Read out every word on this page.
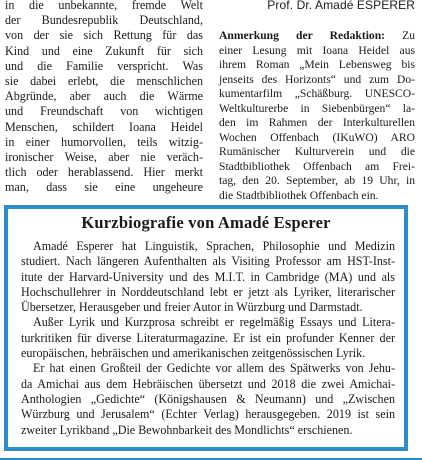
in die unbekannte, fremde Welt
der Bundesrepublik Deutschland,
von der sie sich Rettung für das
Kind und eine Zukunft für sich
und die Familie verspricht. Was
sie dabei erlebt, die menschlichen
Abgründe, aber auch die Wärme
und Freundschaft von wichtigen
Menschen, schildert Ioana Heidel
in einer humorvollen, teils witzig-
ironischer Weise, aber nie veräch-
tlich oder herablassend. Hier merkt
man, dass sie eine ungeheure

Prof. Dr. Amadé ESPERER

Anmerkung der Redaktion: Zu
einer Lesung mit Ioana Heidel aus
ihrem Roman „Mein Lebensweg bis
jenseits des Horizonts“ und zum Do-
kumentarfilm „Schäßburg. UNESCO-
Weltkulturerbe in Siebenbürgen“ la-
den im Rahmen der Interkulturellen
Wochen Offenbach (IKuWO) ARO
Rumänischer Kulturverein und die
Stadtbibliothek Offenbach am Frei-
tag, den 20. September, ab 19 Uhr, in
die Stadtbibliothek Offenbach ein.
Kurzbiografie von Amadé Esperer
Amadé Esperer hat Linguistik, Sprachen, Philosophie und Medizin
studiert. Nach längeren Aufenthalten als Visiting Professor am HST-Inst-
itute der Harvard-University und des M.I.T. in Cambridge (MA) und als
Hochschullehrer in Norddeutschland lebt er jetzt als Lyriker, literarischer
Übersetzer, Herausgeber und freier Autor in Würzburg und Darmstadt.
Außer Lyrik und Kurzprosa schreibt er regelmäßig Essays und Litera-
turkritiken für diverse Literaturmagazine. Er ist ein profunder Kenner der
europäischen, hebräischen und amerikanischen zeitgenössischen Lyrik.
Er hat einen Großteil der Gedichte vor allem des Spätwerks von Jehu-
da Amichai aus dem Hebräischen übersetzt und 2018 die zwei Amichai-
Anthologien „Gedichte“ (Königshausen & Neumann) und „Zwischen
Würzburg und Jerusalem“ (Echter Verlag) herausgegeben. 2019 ist sein
zweiter Lyrikband „Die Bewohnbarkeit des Mondlichts“ erschienen.
